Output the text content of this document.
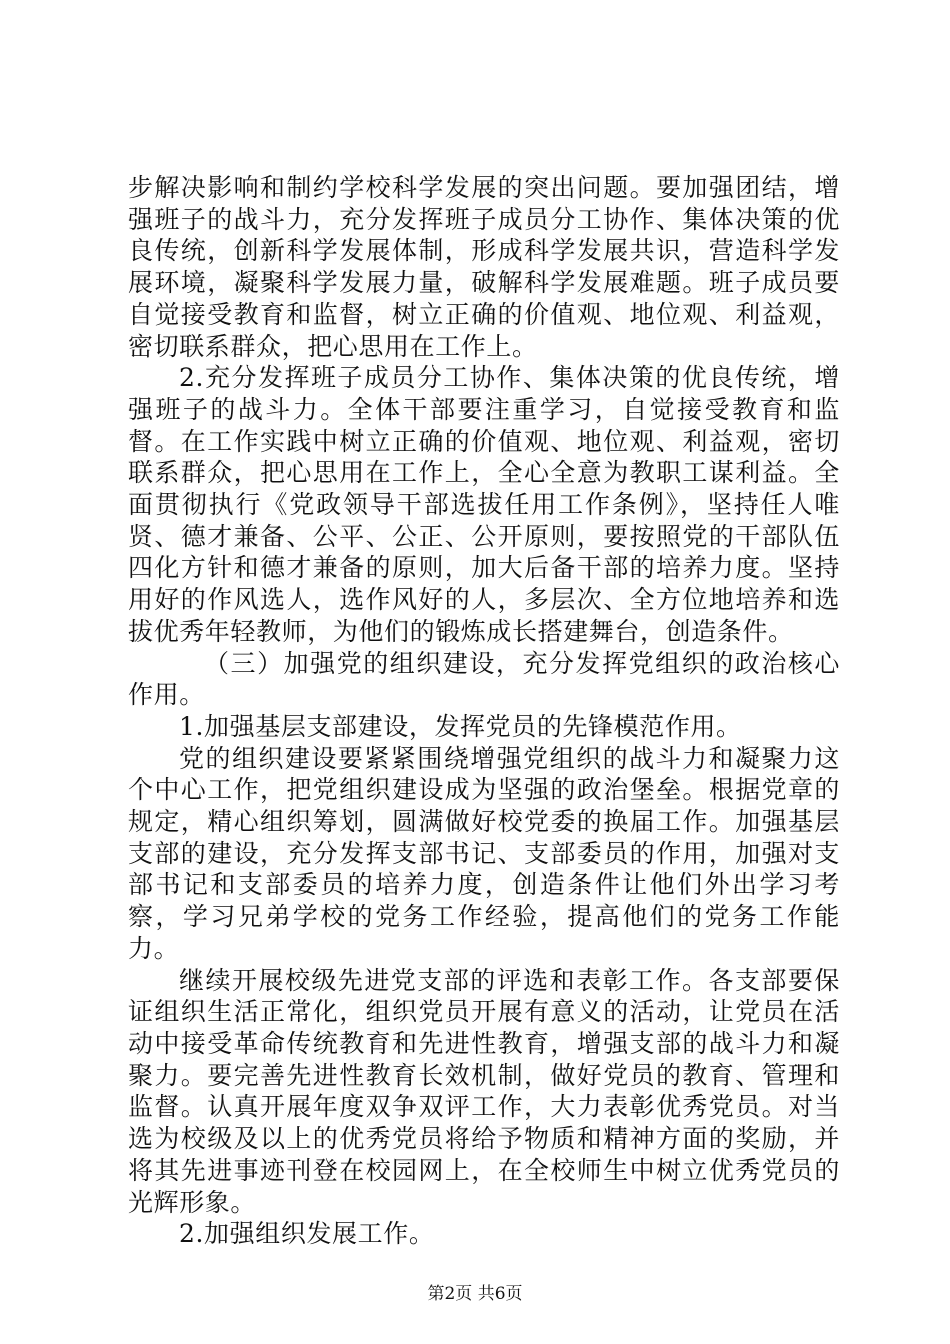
步解决影响和制约学校科学发展的突出问题。要加强团结，增强班子的战斗力，充分发挥班子成员分工协作、集体决策的优良传统，创新科学发展体制，形成科学发展共识，营造科学发展环境，凝聚科学发展力量，破解科学发展难题。班子成员要自觉接受教育和监督，树立正确的价值观、地位观、利益观，密切联系群众，把心思用在工作上。

2.充分发挥班子成员分工协作、集体决策的优良传统，增强班子的战斗力。全体干部要注重学习，自觉接受教育和监督。在工作实践中树立正确的价值观、地位观、利益观，密切联系群众，把心思用在工作上，全心全意为教职工谋利益。全面贯彻执行《党政领导干部选拔任用工作条例》，坚持任人唯贤、德才兼备、公平、公正、公开原则，要按照党的干部队伍四化方针和德才兼备的原则，加大后备干部的培养力度。坚持用好的作风选人，选作风好的人，多层次、全方位地培养和选拔优秀年轻教师，为他们的锻炼成长搭建舞台，创造条件。

（三）加强党的组织建设，充分发挥党组织的政治核心作用。

1.加强基层支部建设，发挥党员的先锋模范作用。

党的组织建设要紧紧围绕增强党组织的战斗力和凝聚力这个中心工作，把党组织建设成为坚强的政治堡垒。根据党章的规定，精心组织筹划，圆满做好校党委的换届工作。加强基层支部的建设，充分发挥支部书记、支部委员的作用，加强对支部书记和支部委员的培养力度，创造条件让他们外出学习考察，学习兄弟学校的党务工作经验，提高他们的党务工作能力。

继续开展校级先进党支部的评选和表彰工作。各支部要保证组织生活正常化，组织党员开展有意义的活动，让党员在活动中接受革命传统教育和先进性教育，增强支部的战斗力和凝聚力。要完善先进性教育长效机制，做好党员的教育、管理和监督。认真开展年度双争双评工作，大力表彰优秀党员。对当选为校级及以上的优秀党员将给予物质和精神方面的奖励，并将其先进事迹刊登在校园网上，在全校师生中树立优秀党员的光辉形象。

2.加强组织发展工作。

第2页 共6页
